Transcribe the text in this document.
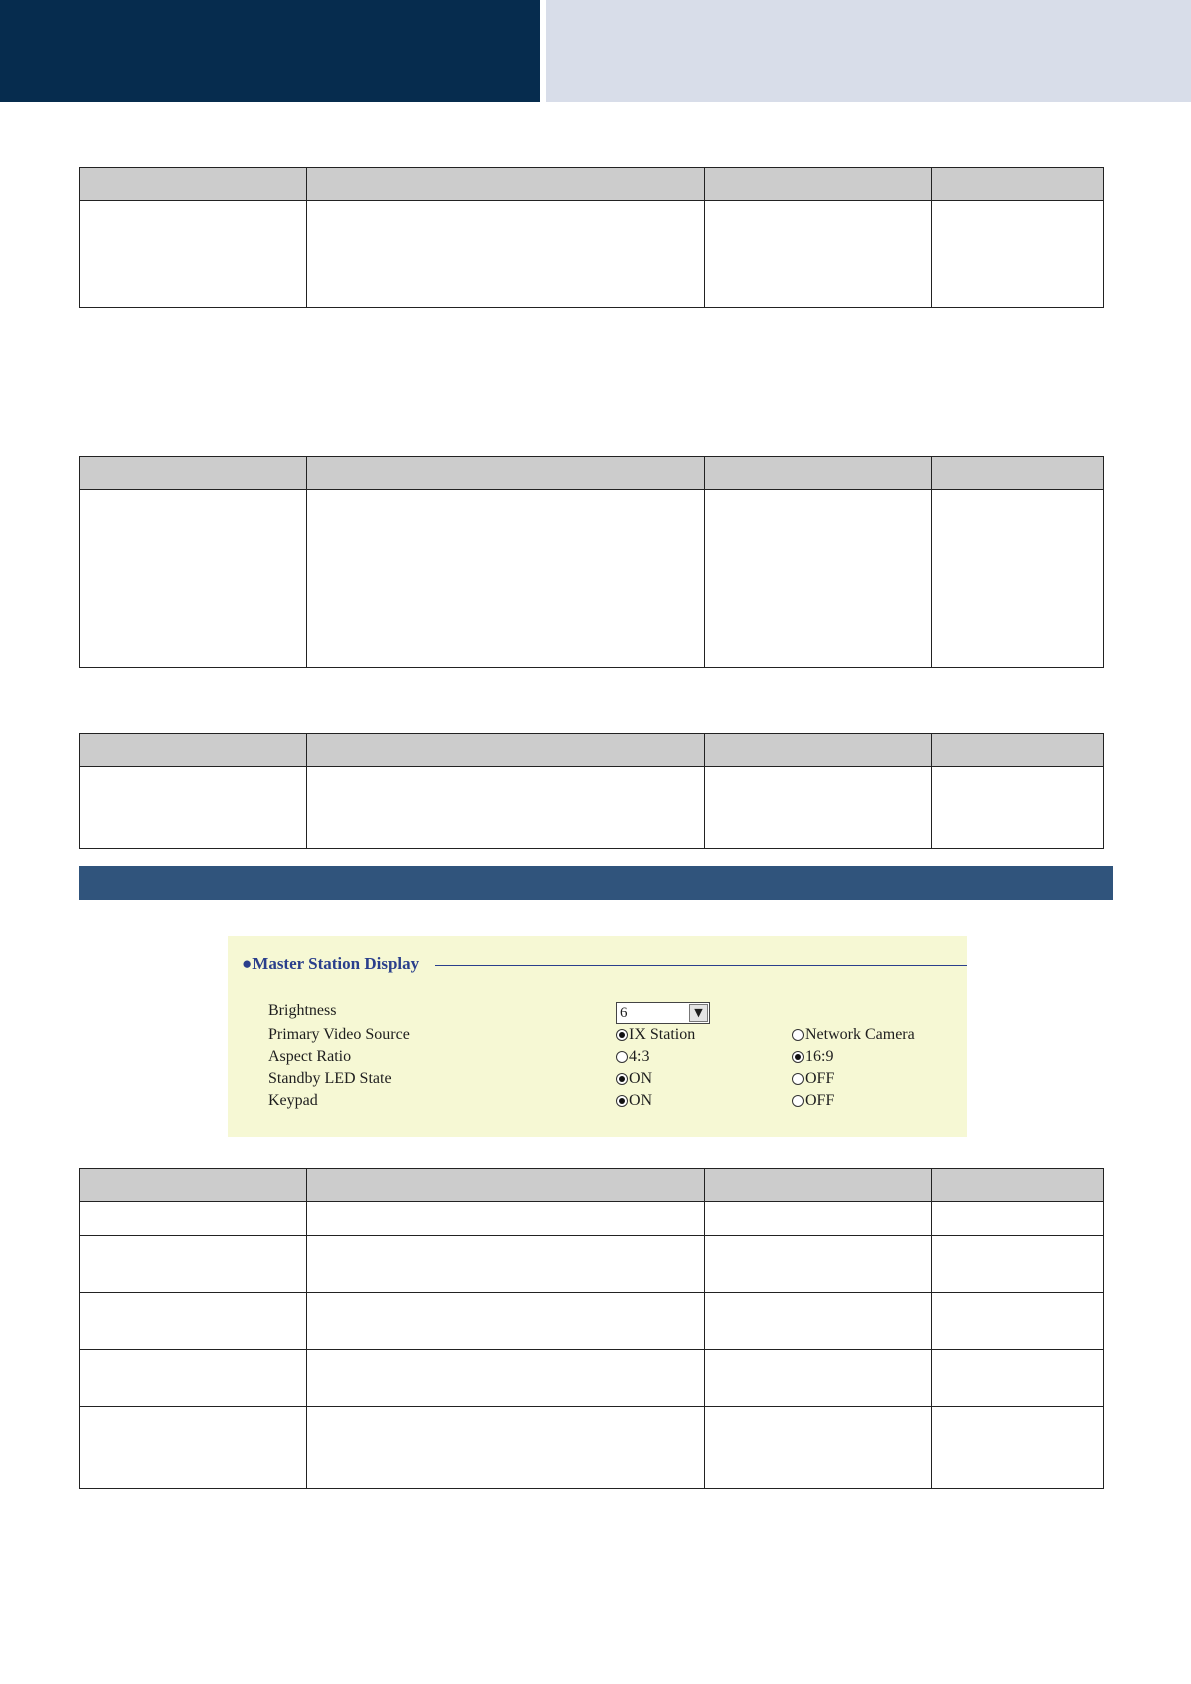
●Master Station Display
Brightness	6	▼
Primary Video Source	IX Station	Network Camera
Aspect Ratio	4:3	16:9
Standby LED State	ON	OFF
Keypad	ON	OFF
